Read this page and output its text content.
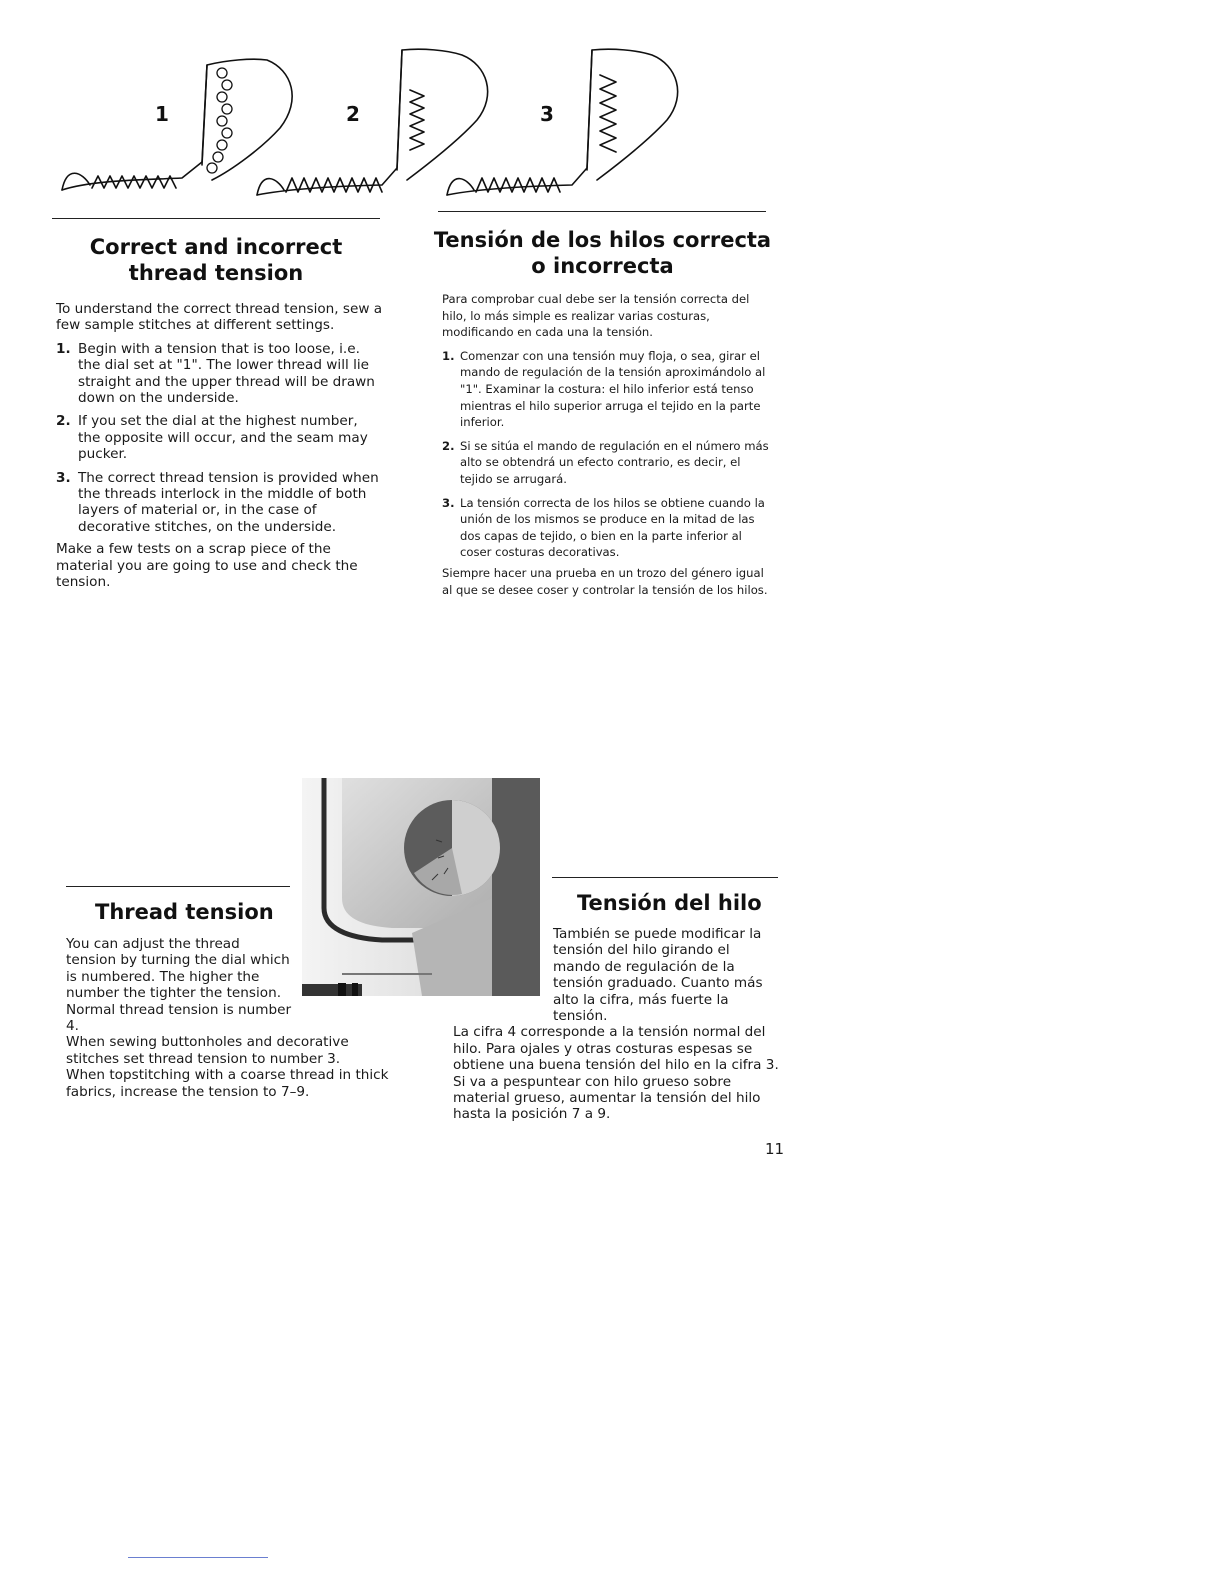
1	2	3
Correct and incorrect
thread tension

To understand the correct thread tension, sew a few sample stitches at different settings.

1. Begin with a tension that is too loose, i.e. the dial set at "1". The lower thread will lie straight and the upper thread will be drawn down on the underside.
2. If you set the dial at the highest number, the opposite will occur, and the seam may pucker.
3. The correct thread tension is provided when the threads interlock in the middle of both layers of material or, in the case of decorative stitches, on the underside.

Make a few tests on a scrap piece of the material you are going to use and check the tension.

Tensión de los hilos correcta
o incorrecta

Para comprobar cual debe ser la tensión correcta del hilo, lo más simple es realizar varias costuras, modificando en cada una la tensión.

1. Comenzar con una tensión muy floja, o sea, girar el mando de regulación de la tensión aproximándolo al "1". Examinar la costura: el hilo inferior está tenso mientras el hilo superior arruga el tejido en la parte inferior.
2. Si se sitúa el mando de regulación en el número más alto se obtendrá un efecto contrario, es decir, el tejido se arrugará.
3. La tensión correcta de los hilos se obtiene cuando la unión de los mismos se produce en la mitad de las dos capas de tejido, o bien en la parte inferior al coser costuras decorativas.

Siempre hacer una prueba en un trozo del género igual al que se desee coser y controlar la tensión de los hilos.

Thread tension

You can adjust the thread tension by turning the dial which is numbered. The higher the number the tighter the tension. Normal thread tension is number 4.

When sewing buttonholes and decorative stitches set thread tension to number 3.

When topstitching with a coarse thread in thick fabrics, increase the tension to 7–9.

Tensión del hilo

También se puede modificar la tensión del hilo girando el mando de regulación de la tensión graduado. Cuanto más alto la cifra, más fuerte la tensión.

La cifra 4 corresponde a la tensión normal del hilo. Para ojales y otras costuras espesas se obtiene una buena tensión del hilo en la cifra 3. Si va a pespuntear con hilo grueso sobre material grueso, aumentar la tensión del hilo hasta la posición 7 a 9.

11
